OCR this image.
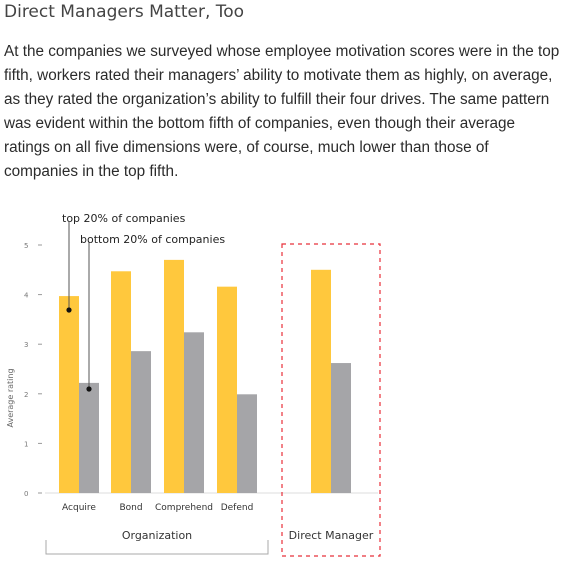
Direct Managers Matter, Too
At the companies we surveyed whose employee motivation scores were in the top fifth, workers rated their managers’ ability to motivate them as highly, on average, as they rated the organization’s ability to fulfill their four drives. The same pattern was evident within the bottom fifth of companies, even though their average ratings on all five dimensions were, of course, much lower than those of companies in the top fifth.
Average rating
0
1
2
3
4
5
Acquire	Bond Comprehend Defend
Organization	Direct Manager
top 20% of companies
bottom 20% of companies
